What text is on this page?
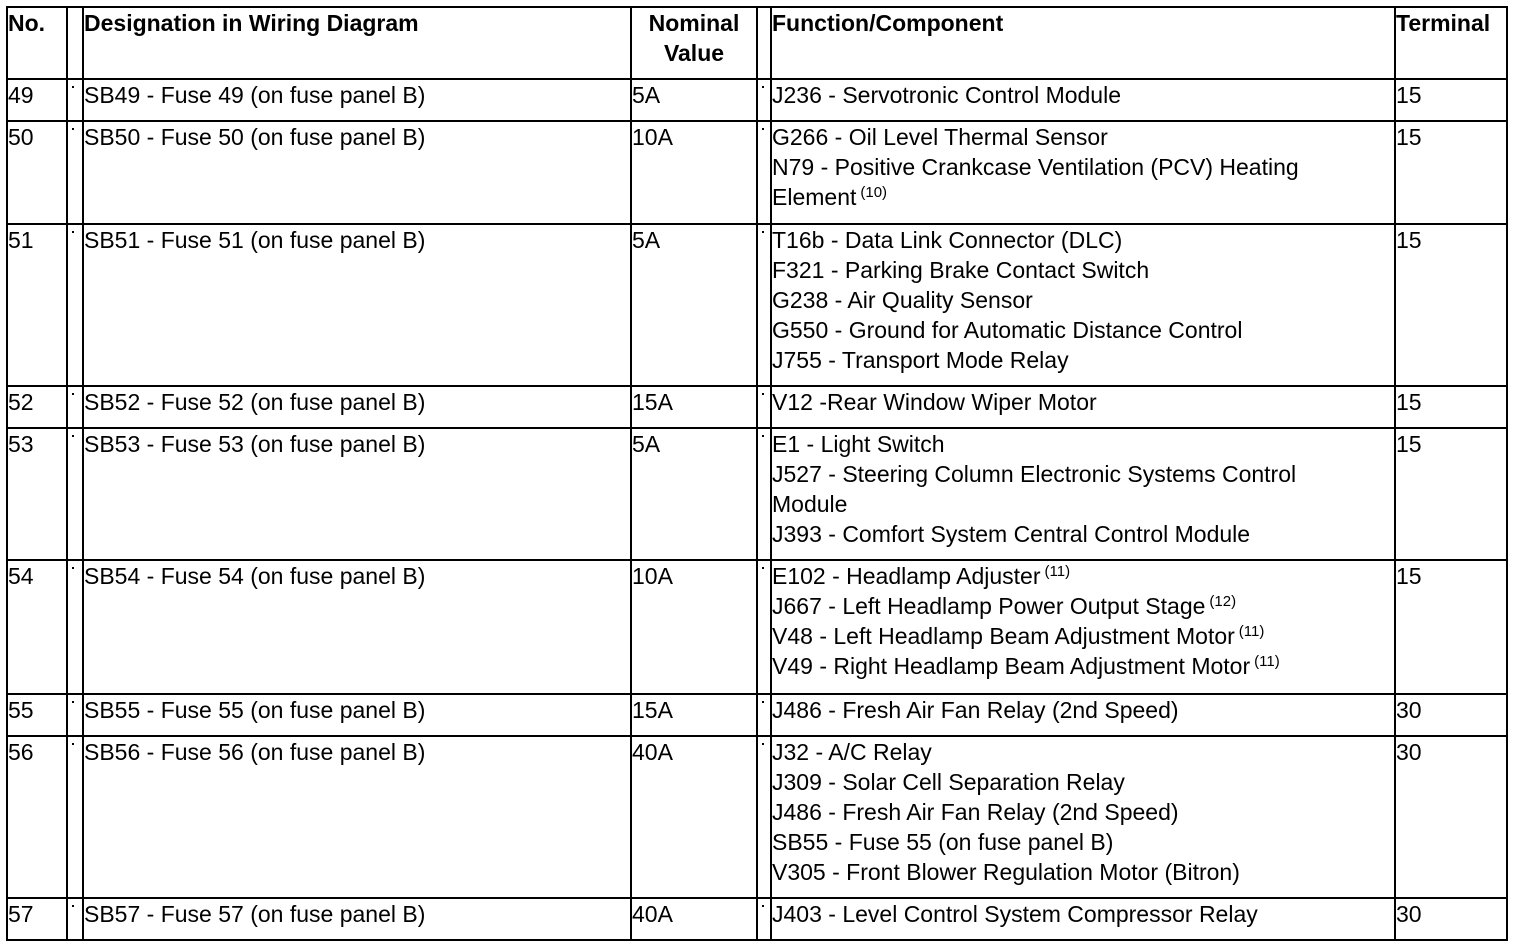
No.		Designation in Wiring Diagram	Nominal
Value		Function/Component	Terminal
49		SB49 - Fuse 49 (on fuse panel B)	5A		J236 - Servotronic Control Module	15
50		SB50 - Fuse 50 (on fuse panel B)	10A		G266 - Oil Level Thermal Sensor
N79 - Positive Crankcase Ventilation (PCV) Heating
Element $^{(10)}$	15
51		SB51 - Fuse 51 (on fuse panel B)	5A		T16b - Data Link Connector (DLC)
F321 - Parking Brake Contact Switch
G238 - Air Quality Sensor
G550 - Ground for Automatic Distance Control
J755 - Transport Mode Relay	15
52		SB52 - Fuse 52 (on fuse panel B)	15A		V12 -Rear Window Wiper Motor	15
53		SB53 - Fuse 53 (on fuse panel B)	5A		E1 - Light Switch
J527 - Steering Column Electronic Systems Control
Module
J393 - Comfort System Central Control Module	15
54		SB54 - Fuse 54 (on fuse panel B)	10A		E102 - Headlamp Adjuster $^{(11)}$
J667 - Left Headlamp Power Output Stage $^{(12)}$
V48 - Left Headlamp Beam Adjustment Motor $^{(11)}$
V49 - Right Headlamp Beam Adjustment Motor $^{(11)}$	15
55		SB55 - Fuse 55 (on fuse panel B)	15A		J486 - Fresh Air Fan Relay (2nd Speed)	30
56		SB56 - Fuse 56 (on fuse panel B)	40A		J32 - A/C Relay
J309 - Solar Cell Separation Relay
J486 - Fresh Air Fan Relay (2nd Speed)
SB55 - Fuse 55 (on fuse panel B)
V305 - Front Blower Regulation Motor (Bitron)	30
57		SB57 - Fuse 57 (on fuse panel B)	40A		J403 - Level Control System Compressor Relay	30
